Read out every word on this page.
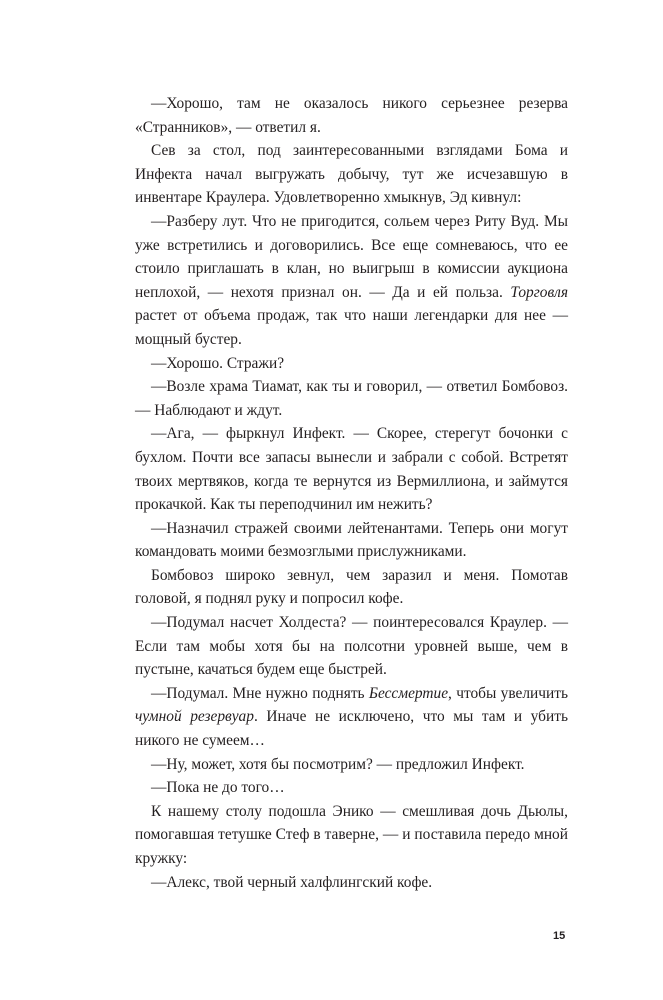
—Хорошо, там не оказалось никого серьезнее резерва «Странников», — ответил я.

Сев за стол, под заинтересованными взглядами Бома и Инфекта начал выгружать добычу, тут же исчезавшую в инвентаре Краулера. Удовлетворенно хмыкнув, Эд кивнул:

—Разберу лут. Что не пригодится, сольем через Риту Вуд. Мы уже встретились и договорились. Все еще сомневаюсь, что ее стоило приглашать в клан, но выигрыш в комиссии аукциона неплохой, — нехотя признал он. — Да и ей польза. Торговля растет от объема продаж, так что наши легендарки для нее — мощный бустер.

—Хорошо. Стражи?

—Возле храма Тиамат, как ты и говорил, — ответил Бомбовоз. — Наблюдают и ждут.

—Ага, — фыркнул Инфект. — Скорее, стерегут бочонки с бухлом. Почти все запасы вынесли и забрали с собой. Встретят твоих мертвяков, когда те вернутся из Вермиллиона, и займутся прокачкой. Как ты переподчинил им нежить?

—Назначил стражей своими лейтенантами. Теперь они могут командовать моими безмозглыми прислужниками.

Бомбовоз широко зевнул, чем заразил и меня. Помотав головой, я поднял руку и попросил кофе.

—Подумал насчет Холдеста? — поинтересовался Краулер. — Если там мобы хотя бы на полсотни уровней выше, чем в пустыне, качаться будем еще быстрей.

—Подумал. Мне нужно поднять Бессмертие, чтобы увеличить чумной резервуар. Иначе не исключено, что мы там и убить никого не сумеем…

—Ну, может, хотя бы посмотрим? — предложил Инфект.

—Пока не до того…

К нашему столу подошла Энико — смешливая дочь Дьюлы, помогавшая тетушке Стеф в таверне, — и поставила передо мной кружку:

—Алекс, твой черный халфлингский кофе.

15
